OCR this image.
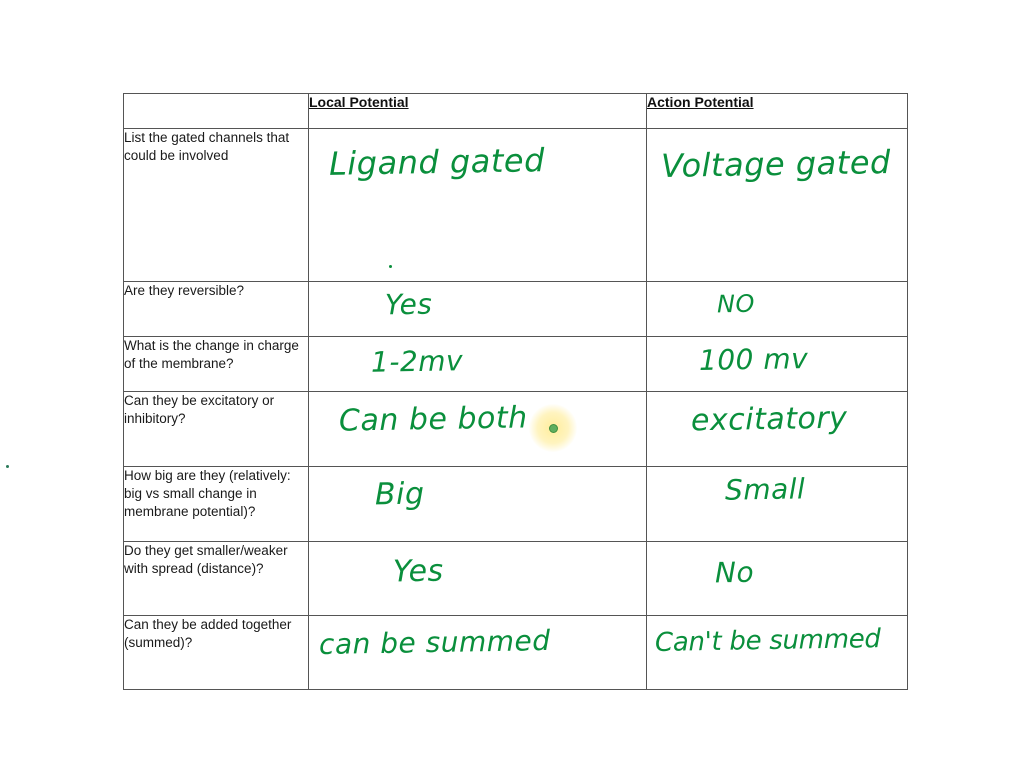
	Local Potential	Action Potential
List the gated channels that could be involved	Ligand gated	Voltage gated

Are they reversible?	Yes	NO

What is the change in charge of the membrane?	1-2mv	100 mv

Can they be excitatory or inhibitory?	Can be both	excitatory

How big are they (relatively: big vs small change in membrane potential)?	Big	Small

Do they get smaller/weaker with spread (distance)?	Yes	No

Can they be added together (summed)?	can be summed	Can't be summed
